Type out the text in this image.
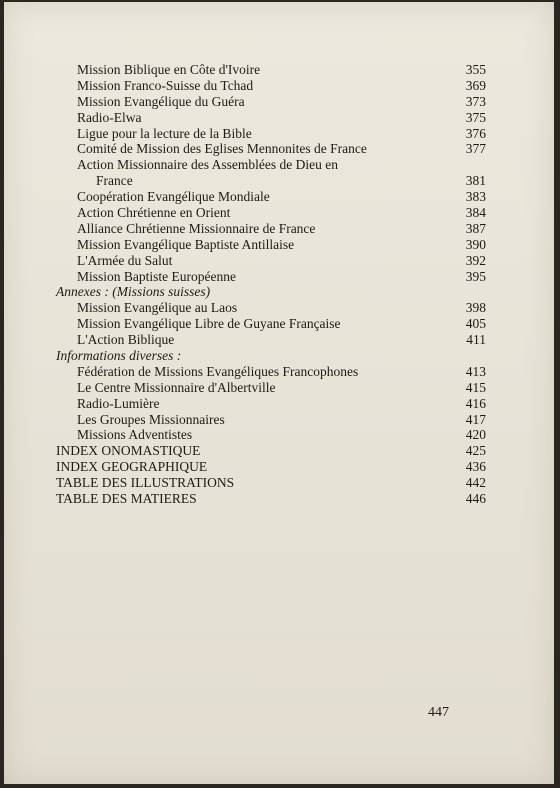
Mission Biblique en Côte d'Ivoire	355
Mission Franco-Suisse du Tchad	369
Mission Evangélique du Guéra	373
Radio-Elwa	375
Ligue pour la lecture de la Bible	376
Comité de Mission des Eglises Mennonites de France	377
Action Missionnaire des Assemblées de Dieu en
France	381
Coopération Evangélique Mondiale	383
Action Chrétienne en Orient	384
Alliance Chrétienne Missionnaire de France	387
Mission Evangélique Baptiste Antillaise	390
L'Armée du Salut	392
Mission Baptiste Européenne	395
Annexes : (Missions suisses)
Mission Evangélique au Laos	398
Mission Evangélique Libre de Guyane Française	405
L'Action Biblique	411
Informations diverses :
Fédération de Missions Evangéliques Francophones	413
Le Centre Missionnaire d'Albertville	415
Radio-Lumière	416
Les Groupes Missionnaires	417
Missions Adventistes	420
INDEX ONOMASTIQUE	425
INDEX GEOGRAPHIQUE	436
TABLE DES ILLUSTRATIONS	442
TABLE DES MATIERES	446
447
